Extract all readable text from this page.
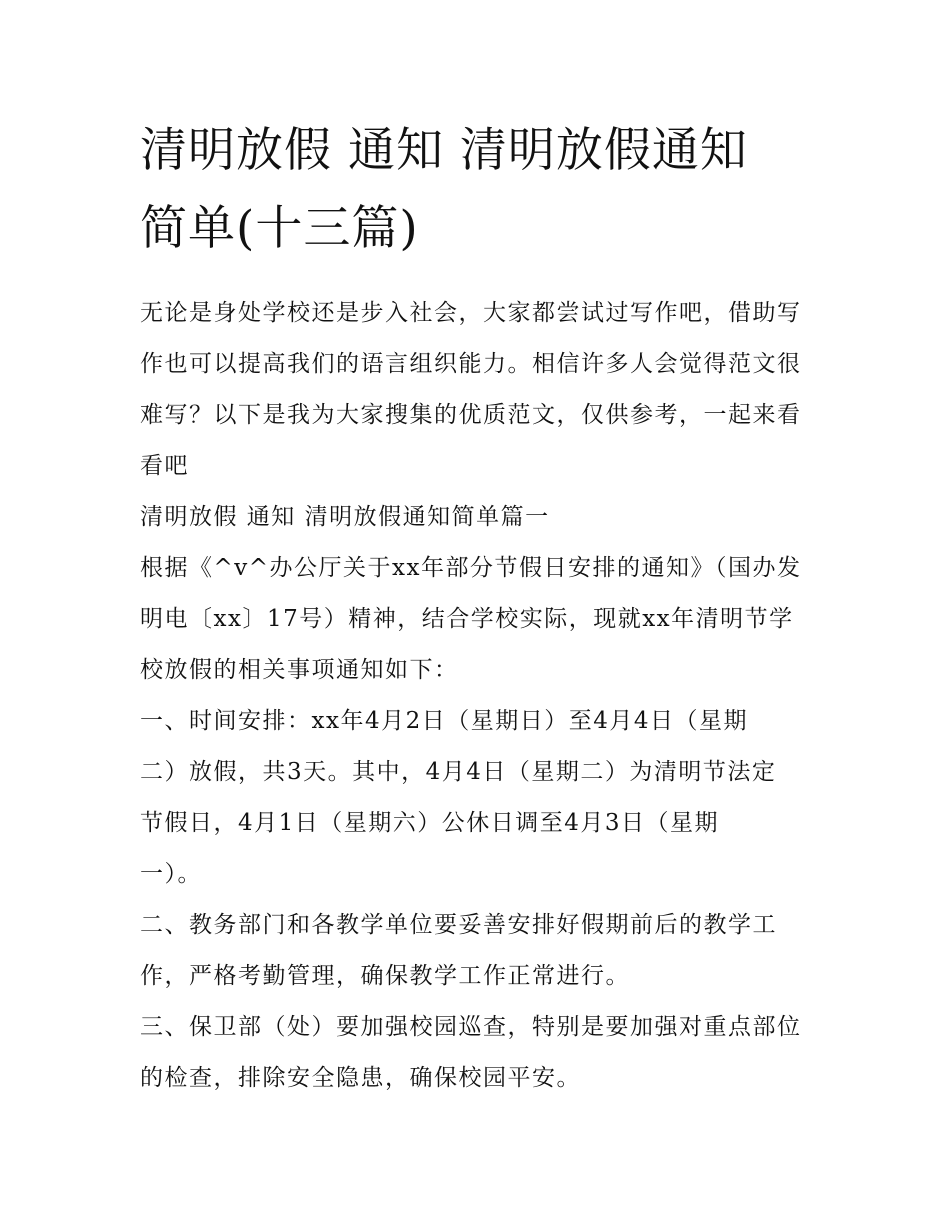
清明放假 通知 清明放假通知
简单(十三篇)

无论是身处学校还是步入社会，大家都尝试过写作吧，借助写
作也可以提高我们的语言组织能力。相信许多人会觉得范文很
难写？以下是我为大家搜集的优质范文，仅供参考，一起来看
看吧

清明放假 通知 清明放假通知简单篇一

根据《^v^办公厅关于xx年部分节假日安排的通知》（国办发
明电〔xx〕17号）精神，结合学校实际，现就xx年清明节学
校放假的相关事项通知如下：

一、时间安排：xx年4月2日（星期日）至4月4日（星期
二）放假，共3天。其中，4月4日（星期二）为清明节法定
节假日，4月1日（星期六）公休日调至4月3日（星期
一）。

二、教务部门和各教学单位要妥善安排好假期前后的教学工
作，严格考勤管理，确保教学工作正常进行。

三、保卫部（处）要加强校园巡查，特别是要加强对重点部位
的检查，排除安全隐患，确保校园平安。
